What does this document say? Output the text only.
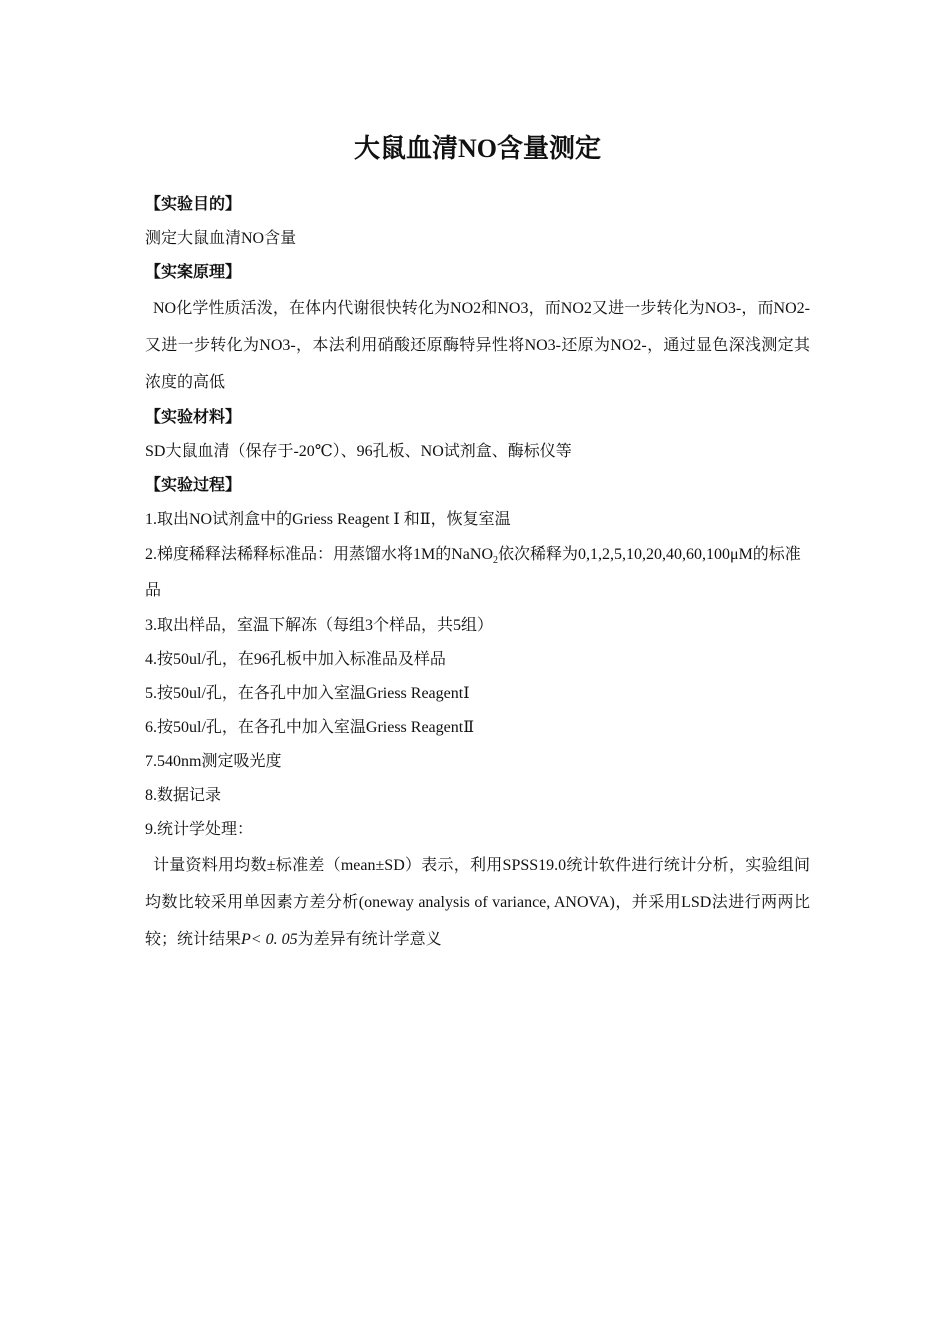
大鼠血清NO含量测定
【实验目的】
测定大鼠血清NO含量
【实案原理】

NO化学性质活泼，在体内代谢很快转化为NO2和NO3，而NO2又进一步转化为NO3-，而NO2-又进一步转化为NO3-，本法利用硝酸还原酶特异性将NO3-还原为NO2-，通过显色深浅测定其浓度的高低

【实验材料】
SD大鼠血清（保存于-20℃）、96孔板、NO试剂盒、酶标仪等
【实验过程】
1.取出NO试剂盒中的Griess Reagent Ⅰ 和Ⅱ，恢复室温

2.梯度稀释法稀释标准品：用蒸馏水将1M的NaNO$_2$依次稀释为0,1,2,5,10,20,40,60,100μM的标准品

3.取出样品，室温下解冻（每组3个样品，共5组）
4.按50ul/孔，在96孔板中加入标准品及样品
5.按50ul/孔，在各孔中加入室温Griess ReagentⅠ
6.按50ul/孔，在各孔中加入室温Griess ReagentⅡ
7.540nm测定吸光度
8.数据记录
9.统计学处理：

计量资料用均数±标准差（mean±SD）表示，利用SPSS19.0统计软件进行统计分析，实验组间均数比较采用单因素方差分析(oneway analysis of variance, ANOVA)，并采用LSD法进行两两比较；统计结果P< 0. 05为差异有统计学意义
